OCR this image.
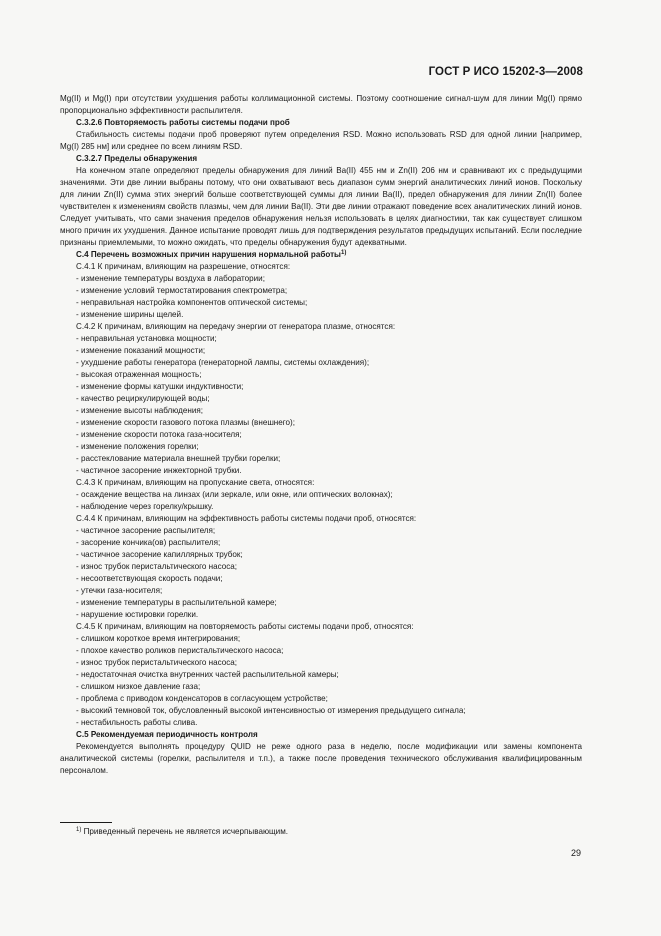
ГОСТ Р ИСО 15202-3—2008

Mg(II) и Mg(I) при отсутствии ухудшения работы коллимационной системы. Поэтому соотношение сигнал-шум для линии Mg(I) прямо пропорционально эффективности распылителя.

C.3.2.6 Повторяемость работы системы подачи проб

Стабильность системы подачи проб проверяют путем определения RSD. Можно использовать RSD для одной линии [например, Mg(I) 285 нм] или среднее по всем линиям RSD.

C.3.2.7 Пределы обнаружения

На конечном этапе определяют пределы обнаружения для линий Ba(II) 455 нм и Zn(II) 206 нм и сравнивают их с предыдущими значениями. Эти две линии выбраны потому, что они охватывают весь диапазон сумм энергий аналитических линий ионов. Поскольку для линии Zn(II) сумма этих энергий больше соответствующей суммы для линии Ba(II), предел обнаружения для линии Zn(II) более чувствителен к изменениям свойств плазмы, чем для линии Ba(II). Эти две линии отражают поведение всех аналитических линий ионов. Следует учитывать, что сами значения пределов обнаружения нельзя использовать в целях диагностики, так как существует слишком много причин их ухудшения. Данное испытание проводят лишь для подтверждения результатов предыдущих испытаний. Если последние признаны приемлемыми, то можно ожидать, что пределы обнаружения будут адекватными.

C.4 Перечень возможных причин нарушения нормальной работы$^{1)}$

C.4.1 К причинам, влияющим на разрешение, относятся:

- изменение температуры воздуха в лаборатории;

- изменение условий термостатирования спектрометра;

- неправильная настройка компонентов оптической системы;

- изменение ширины щелей.

C.4.2 К причинам, влияющим на передачу энергии от генератора плазме, относятся:

- неправильная установка мощности;

- изменение показаний мощности;

- ухудшение работы генератора (генераторной лампы, системы охлаждения);

- высокая отраженная мощность;

- изменение формы катушки индуктивности;

- качество рециркулирующей воды;

- изменение высоты наблюдения;

- изменение скорости газового потока плазмы (внешнего);

- изменение скорости потока газа-носителя;

- изменение положения горелки;

- расстеклование материала внешней трубки горелки;

- частичное засорение инжекторной трубки.

C.4.3 К причинам, влияющим на пропускание света, относятся:

- осаждение вещества на линзах (или зеркале, или окне, или оптических волокнах);

- наблюдение через горелку/крышку.

C.4.4 К причинам, влияющим на эффективность работы системы подачи проб, относятся:

- частичное засорение распылителя;

- засорение кончика(ов) распылителя;

- частичное засорение капиллярных трубок;

- износ трубок перистальтического насоса;

- несоответствующая скорость подачи;

- утечки газа-носителя;

- изменение температуры в распылительной камере;

- нарушение юстировки горелки.

C.4.5 К причинам, влияющим на повторяемость работы системы подачи проб, относятся:

- слишком короткое время интегрирования;

- плохое качество роликов перистальтического насоса;

- износ трубок перистальтического насоса;

- недостаточная очистка внутренних частей распылительной камеры;

- слишком низкое давление газа;

- проблема с приводом конденсаторов в согласующем устройстве;

- высокий темновой ток, обусловленный высокой интенсивностью от измерения предыдущего сигнала;

- нестабильность работы слива.

C.5 Рекомендуемая периодичность контроля

Рекомендуется выполнять процедуру QUID не реже одного раза в неделю, после модификации или замены компонента аналитической системы (горелки, распылителя и т.п.), а также после проведения технического обслуживания квалифицированным персоналом.

$^{1)}$ Приведенный перечень не является исчерпывающим.
29
